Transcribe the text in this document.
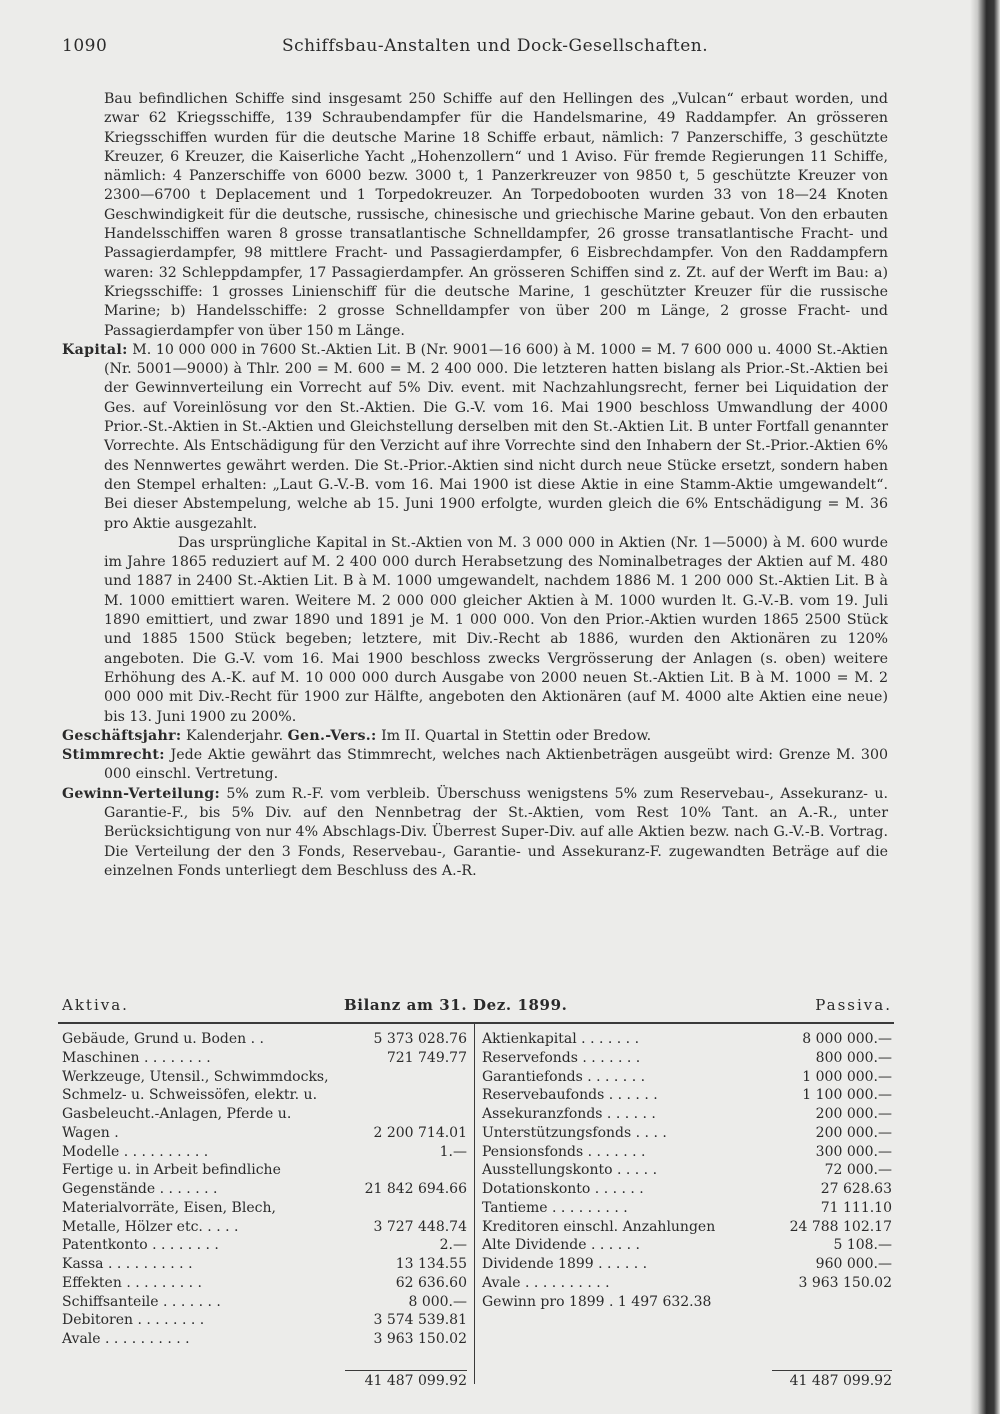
1090	Schiffsbau-Anstalten und Dock-Gesellschaften.

Bau befindlichen Schiffe sind insgesamt 250 Schiffe auf den Hellingen des „Vulcan“ erbaut worden, und zwar 62 Kriegsschiffe, 139 Schraubendampfer für die Handelsmarine, 49 Raddampfer. An grösseren Kriegsschiffen wurden für die deutsche Marine 18 Schiffe erbaut, nämlich: 7 Panzerschiffe, 3 geschützte Kreuzer, 6 Kreuzer, die Kaiserliche Yacht „Hohenzollern“ und 1 Aviso. Für fremde Regierungen 11 Schiffe, nämlich: 4 Panzerschiffe von 6000 bezw. 3000 t, 1 Panzerkreuzer von 9850 t, 5 geschützte Kreuzer von 2300—6700 t Deplacement und 1 Torpedokreuzer. An Torpedobooten wurden 33 von 18—24 Knoten Geschwindigkeit für die deutsche, russische, chinesische und griechische Marine gebaut. Von den erbauten Handelsschiffen waren 8 grosse transatlantische Schnelldampfer, 26 grosse transatlantische Fracht- und Passagierdampfer, 98 mittlere Fracht- und Passagierdampfer, 6 Eisbrechdampfer. Von den Raddampfern waren: 32 Schleppdampfer, 17 Passagierdampfer. An grösseren Schiffen sind z. Zt. auf der Werft im Bau: a) Kriegsschiffe: 1 grosses Linienschiff für die deutsche Marine, 1 geschützter Kreuzer für die russische Marine; b) Handelsschiffe: 2 grosse Schnelldampfer von über 200 m Länge, 2 grosse Fracht- und Passagierdampfer von über 150 m Länge.

Kapital: M. 10 000 000 in 7600 St.-Aktien Lit. B (Nr. 9001—16 600) à M. 1000 = M. 7 600 000 u. 4000 St.-Aktien (Nr. 5001—9000) à Thlr. 200 = M. 600 = M. 2 400 000. Die letzteren hatten bislang als Prior.-St.-Aktien bei der Gewinnverteilung ein Vorrecht auf 5% Div. event. mit Nachzahlungsrecht, ferner bei Liquidation der Ges. auf Voreinlösung vor den St.-Aktien. Die G.-V. vom 16. Mai 1900 beschloss Umwandlung der 4000 Prior.-St.-Aktien in St.-Aktien und Gleichstellung derselben mit den St.-Aktien Lit. B unter Fortfall genannter Vorrechte. Als Entschädigung für den Verzicht auf ihre Vorrechte sind den Inhabern der St.-Prior.-Aktien 6% des Nennwertes gewährt werden. Die St.-Prior.-Aktien sind nicht durch neue Stücke ersetzt, sondern haben den Stempel erhalten: „Laut G.-V.-B. vom 16. Mai 1900 ist diese Aktie in eine Stamm-Aktie umgewandelt“. Bei dieser Abstempelung, welche ab 15. Juni 1900 erfolgte, wurden gleich die 6% Entschädigung = M. 36 pro Aktie ausgezahlt.

Das ursprüngliche Kapital in St.-Aktien von M. 3 000 000 in Aktien (Nr. 1—5000) à M. 600 wurde im Jahre 1865 reduziert auf M. 2 400 000 durch Herabsetzung des Nominalbetrages der Aktien auf M. 480 und 1887 in 2400 St.-Aktien Lit. B à M. 1000 umgewandelt, nachdem 1886 M. 1 200 000 St.-Aktien Lit. B à M. 1000 emittiert waren. Weitere M. 2 000 000 gleicher Aktien à M. 1000 wurden lt. G.-V.-B. vom 19. Juli 1890 emittiert, und zwar 1890 und 1891 je M. 1 000 000. Von den Prior.-Aktien wurden 1865 2500 Stück und 1885 1500 Stück begeben; letztere, mit Div.-Recht ab 1886, wurden den Aktionären zu 120% angeboten. Die G.-V. vom 16. Mai 1900 beschloss zwecks Vergrösserung der Anlagen (s. oben) weitere Erhöhung des A.-K. auf M. 10 000 000 durch Ausgabe von 2000 neuen St.-Aktien Lit. B à M. 1000 = M. 2 000 000 mit Div.-Recht für 1900 zur Hälfte, angeboten den Aktionären (auf M. 4000 alte Aktien eine neue) bis 13. Juni 1900 zu 200%.

Geschäftsjahr: Kalenderjahr. Gen.-Vers.: Im II. Quartal in Stettin oder Bredow.

Stimmrecht: Jede Aktie gewährt das Stimmrecht, welches nach Aktienbeträgen ausgeübt wird: Grenze M. 300 000 einschl. Vertretung.

Gewinn-Verteilung: 5% zum R.-F. vom verbleib. Überschuss wenigstens 5% zum Reservebau-, Assekuranz- u. Garantie-F., bis 5% Div. auf den Nennbetrag der St.-Aktien, vom Rest 10% Tant. an A.-R., unter Berücksichtigung von nur 4% Abschlags-Div. Überrest Super-Div. auf alle Aktien bezw. nach G.-V.-B. Vortrag. Die Verteilung der den 3 Fonds, Reservebau-, Garantie- und Assekuranz-F. zugewandten Beträge auf die einzelnen Fonds unterliegt dem Beschluss des A.-R.

Aktiva.	Bilanz am 31. Dez. 1899.	Passiva.
Gebäude, Grund u. Boden . .	5 373 028.76
Maschinen . . . . . . . .	721 749.77
Werkzeuge, Utensil., Schwimmdocks, Schmelz- u. Schweissöfen, elektr. u. Gasbeleucht.-Anlagen, Pferde u. Wagen .	2 200 714.01
Modelle . . . . . . . . . .	1.—
Fertige u. in Arbeit befindliche Gegenstände . . . . . . .	21 842 694.66
Materialvorräte, Eisen, Blech, Metalle, Hölzer etc. . . . .	3 727 448.74
Patentkonto . . . . . . . .	2.—
Kassa . . . . . . . . . .	13 134.55
Effekten . . . . . . . . .	62 636.60
Schiffsanteile . . . . . . .	8 000.—
Debitoren . . . . . . . .	3 574 539.81
Avale . . . . . . . . . .	3 963 150.02
Aktienkapital . . . . . . .	8 000 000.—
Reservefonds . . . . . . .	800 000.—
Garantiefonds . . . . . . .	1 000 000.—
Reservebaufonds . . . . . .	1 100 000.—
Assekuranzfonds . . . . . .	200 000.—
Unterstützungsfonds . . . .	200 000.—
Pensionsfonds . . . . . . .	300 000.—
Ausstellungskonto . . . . .	72 000.—
Dotationskonto . . . . . .	27 628.63
Tantieme . . . . . . . . .	71 111.10
Kreditoren einschl. Anzahlungen	24 788 102.17
Alte Dividende . . . . . .	5 108.—
Dividende 1899 . . . . . .	960 000.—
Avale . . . . . . . . . .	3 963 150.02
Gewinn pro 1899 . 1 497 632.38
41 487 099.92	41 487 099.92
